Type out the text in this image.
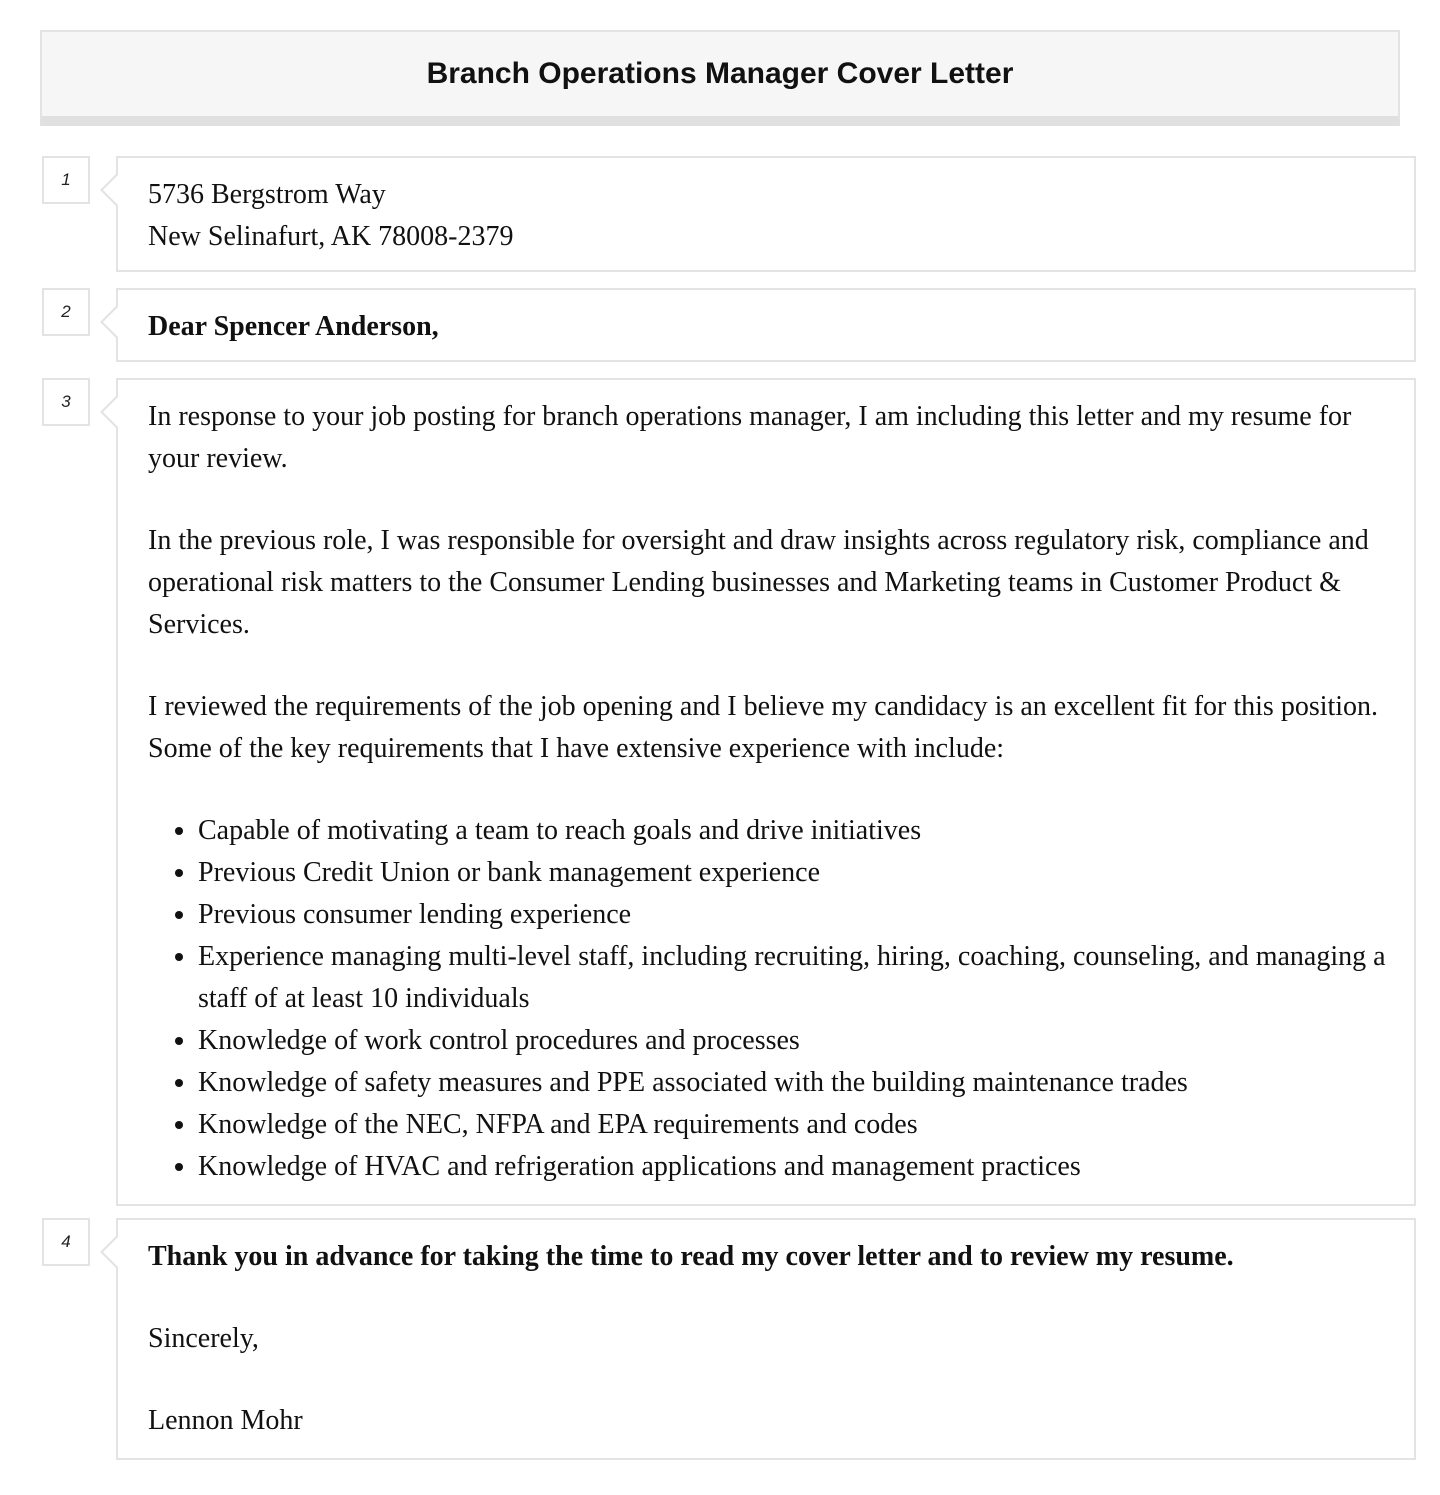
Branch Operations Manager Cover Letter
1	5736 Bergstrom Way
New Selinafurt, AK 78008-2379
2	Dear Spencer Anderson,
3	In response to your job posting for branch operations manager, I am including this letter and my resume for your review.

In the previous role, I was responsible for oversight and draw insights across regulatory risk, compliance and operational risk matters to the Consumer Lending businesses and Marketing teams in Customer Product & Services.

I reviewed the requirements of the job opening and I believe my candidacy is an excellent fit for this position. Some of the key requirements that I have extensive experience with include:

• Capable of motivating a team to reach goals and drive initiatives
• Previous Credit Union or bank management experience
• Previous consumer lending experience
• Experience managing multi-level staff, including recruiting, hiring, coaching, counseling, and managing a staff of at least 10 individuals
• Knowledge of work control procedures and processes
• Knowledge of safety measures and PPE associated with the building maintenance trades
• Knowledge of the NEC, NFPA and EPA requirements and codes
• Knowledge of HVAC and refrigeration applications and management practices
4	Thank you in advance for taking the time to read my cover letter and to review my resume.

Sincerely,

Lennon Mohr
